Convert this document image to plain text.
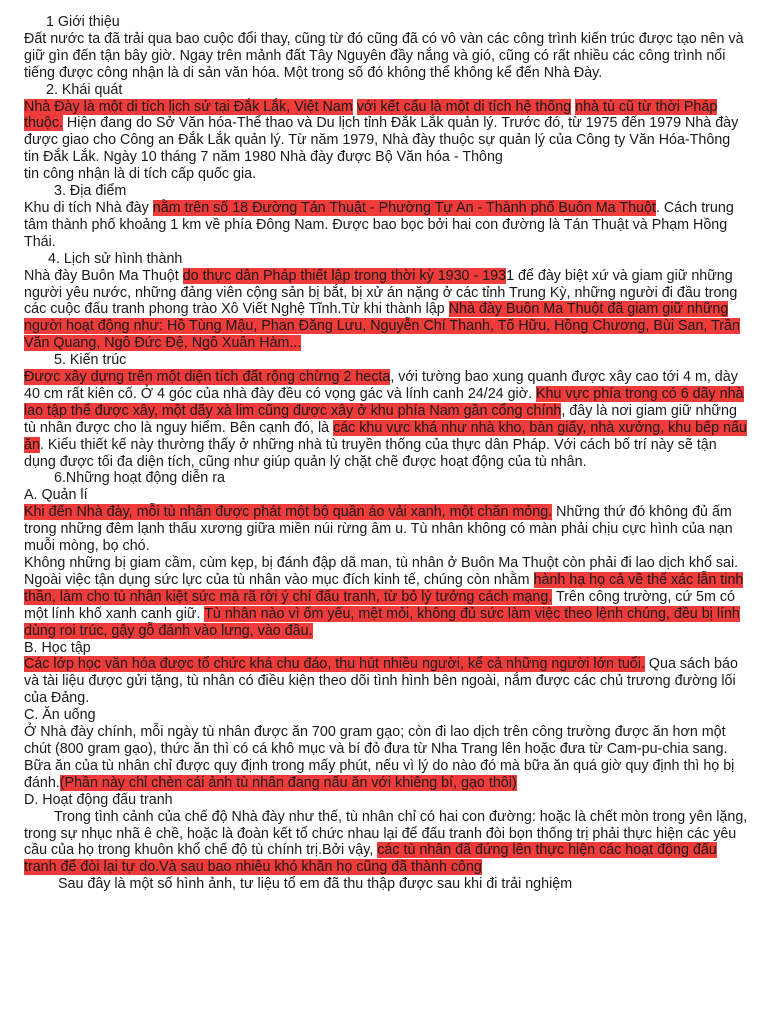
1 Giới thiệu

Đất nước ta đã trải qua bao cuộc đổi thay, cũng từ đó cũng đã có vô vàn các công trình kiến trúc được tạo nên và giữ gìn đến tận bây giờ. Ngay trên mảnh đất Tây Nguyên đầy nắng và gió, cũng có rất nhiều các công trình nổi tiếng được công nhận là di sản văn hóa. Một trong số đó không thể không kể đến Nhà Đày.

2. Khái quát

Nhà Đày là một di tích lịch sử tại Đắk Lắk, Việt Nam với kết cấu là một di tích hệ thống nhà tù cũ từ thời Pháp thuộc. Hiện đang do Sở Văn hóa-Thể thao và Du lịch tỉnh Đắk Lắk quản lý. Trước đó, từ 1975 đến 1979 Nhà đày được giao cho Công an Đắk Lắk quản lý. Từ năm 1979, Nhà đày thuộc sự quản lý của Công ty Văn Hóa-Thông tin Đắk Lắk. Ngày 10 tháng 7 năm 1980 Nhà đày được Bộ Văn hóa - Thông

tin công nhận là di tích cấp quốc gia.

3. Địa điểm

Khu di tích Nhà đày nằm trên số 18 Đường Tán Thuật - Phường Tự An - Thành phố Buôn Ma Thuột. Cách trung tâm thành phố khoảng 1 km về phía Đông Nam. Được bao bọc bởi hai con đường là Tán Thuật và Phạm Hồng Thái.

4. Lịch sử hình thành

Nhà đày Buôn Ma Thuột do thực dân Pháp thiết lập trong thời kỳ 1930 - 1931 để đày biệt xứ và giam giữ những người yêu nước, những đảng viên cộng sản bị bắt, bị xử án nặng ở các tỉnh Trung Kỳ, những người đi đầu trong các cuộc đấu tranh phong trào Xô Viết Nghệ Tĩnh.Từ khi thành lập Nhà đày Buôn Ma Thuột đã giam giữ những người hoạt động như: Hồ Tùng Mậu, Phan Đăng Lưu, Nguyễn Chí Thanh, Tố Hữu, Hồng Chương, Bùi San, Trần Văn Quang, Ngô Đức Đệ, Ngô Xuân Hàm...

5. Kiến trúc

Được xây dựng trên một diện tích đất rộng chừng 2 hecta, với tường bao xung quanh được xây cao tới 4 m, dày 40 cm rất kiên cố. Ở 4 góc của nhà đày đều có vọng gác và lính canh 24/24 giờ. Khu vực phía trong có 6 dãy nhà lao tập thể được xây, một dãy xà lim cũng được xây ở khu phía Nam gần cổng chính, đây là nơi giam giữ những tù nhân được cho là nguy hiểm. Bên cạnh đó, là các khu vực khá như nhà kho, bàn giấy, nhà xưởng, khu bếp nấu ăn. Kiểu thiết kế này thường thấy ở những nhà tù truyền thống của thực dân Pháp. Với cách bố trí này sẽ tận dụng được tối đa diện tích, cũng như giúp quản lý chặt chẽ được hoạt động của tù nhân.

6.Những hoạt động diễn ra

A. Quản lí

Khi đến Nhà đày, mỗi tù nhân được phát một bộ quần áo vải xanh, một chăn mỏng. Những thứ đó không đủ ấm trong những đêm lạnh thấu xương giữa miền núi rừng âm u. Tù nhân không có màn phải chịu cực hình của nạn muỗi mòng, bọ chó.

Không những bị giam cầm, cùm kẹp, bị đánh đập dã man, tù nhân ở Buôn Ma Thuột còn phải đi lao dịch khổ sai. Ngoài việc tận dụng sức lực của tù nhân vào mục đích kinh tế, chúng còn nhằm hành hạ họ cả về thể xác lẫn tinh thần, làm cho tù nhân kiệt sức mà rã rời ý chí đấu tranh, từ bỏ lý tưởng cách mạng. Trên công trường, cứ 5m có một lính khố xanh canh giữ. Tù nhân nào vì ốm yếu, mệt mỏi, không đủ sức làm việc theo lệnh chúng, đều bị lính dùng roi trúc, gậy gỗ đánh vào lưng, vào đầu.

B. Học tập

Các lớp học văn hóa được tổ chức khá chu đáo, thu hút nhiều người, kể cả những người lớn tuổi. Qua sách báo và tài liệu được gửi tặng, tù nhân có điều kiện theo dõi tình hình bên ngoài, nắm được các chủ trương đường lối của Đảng.

C. Ăn uống

Ở Nhà đày chính, mỗi ngày tù nhân được ăn 700 gram gạo; còn đi lao dịch trên công trường được ăn hơn một chút (800 gram gạo), thức ăn thì có cá khô mục và bí đỏ đưa từ Nha Trang lên hoặc đưa từ Cam-pu-chia sang. Bữa ăn của tù nhân chỉ được quy định trong mấy phút, nếu vì lý do nào đó mà bữa ăn quá giờ quy định thì họ bị đánh.(Phần này chỉ chèn cái ảnh tù nhân đang nấu ăn với khiêng bí, gạo thôi)

D. Hoạt động đấu tranh

Trong tình cảnh của chế độ Nhà đày như thế, tù nhân chỉ có hai con đường: hoặc là chết mòn trong yên lặng, trong sự nhục nhã ê chề, hoặc là đoàn kết tổ chức nhau lại để đấu tranh đòi bọn thống trị phải thực hiện các yêu cầu của họ trong khuôn khổ chế độ tù chính trị.Bởi vậy, các tù nhân đã đứng lên thực hiện các hoạt động đấu tranh để đòi lại tự do.Và sau bao nhiêu khó khăn họ cũng đã thành công

Sau đây là một số hình ảnh, tư liệu tổ em đã thu thập được sau khi đi trải nghiệm
